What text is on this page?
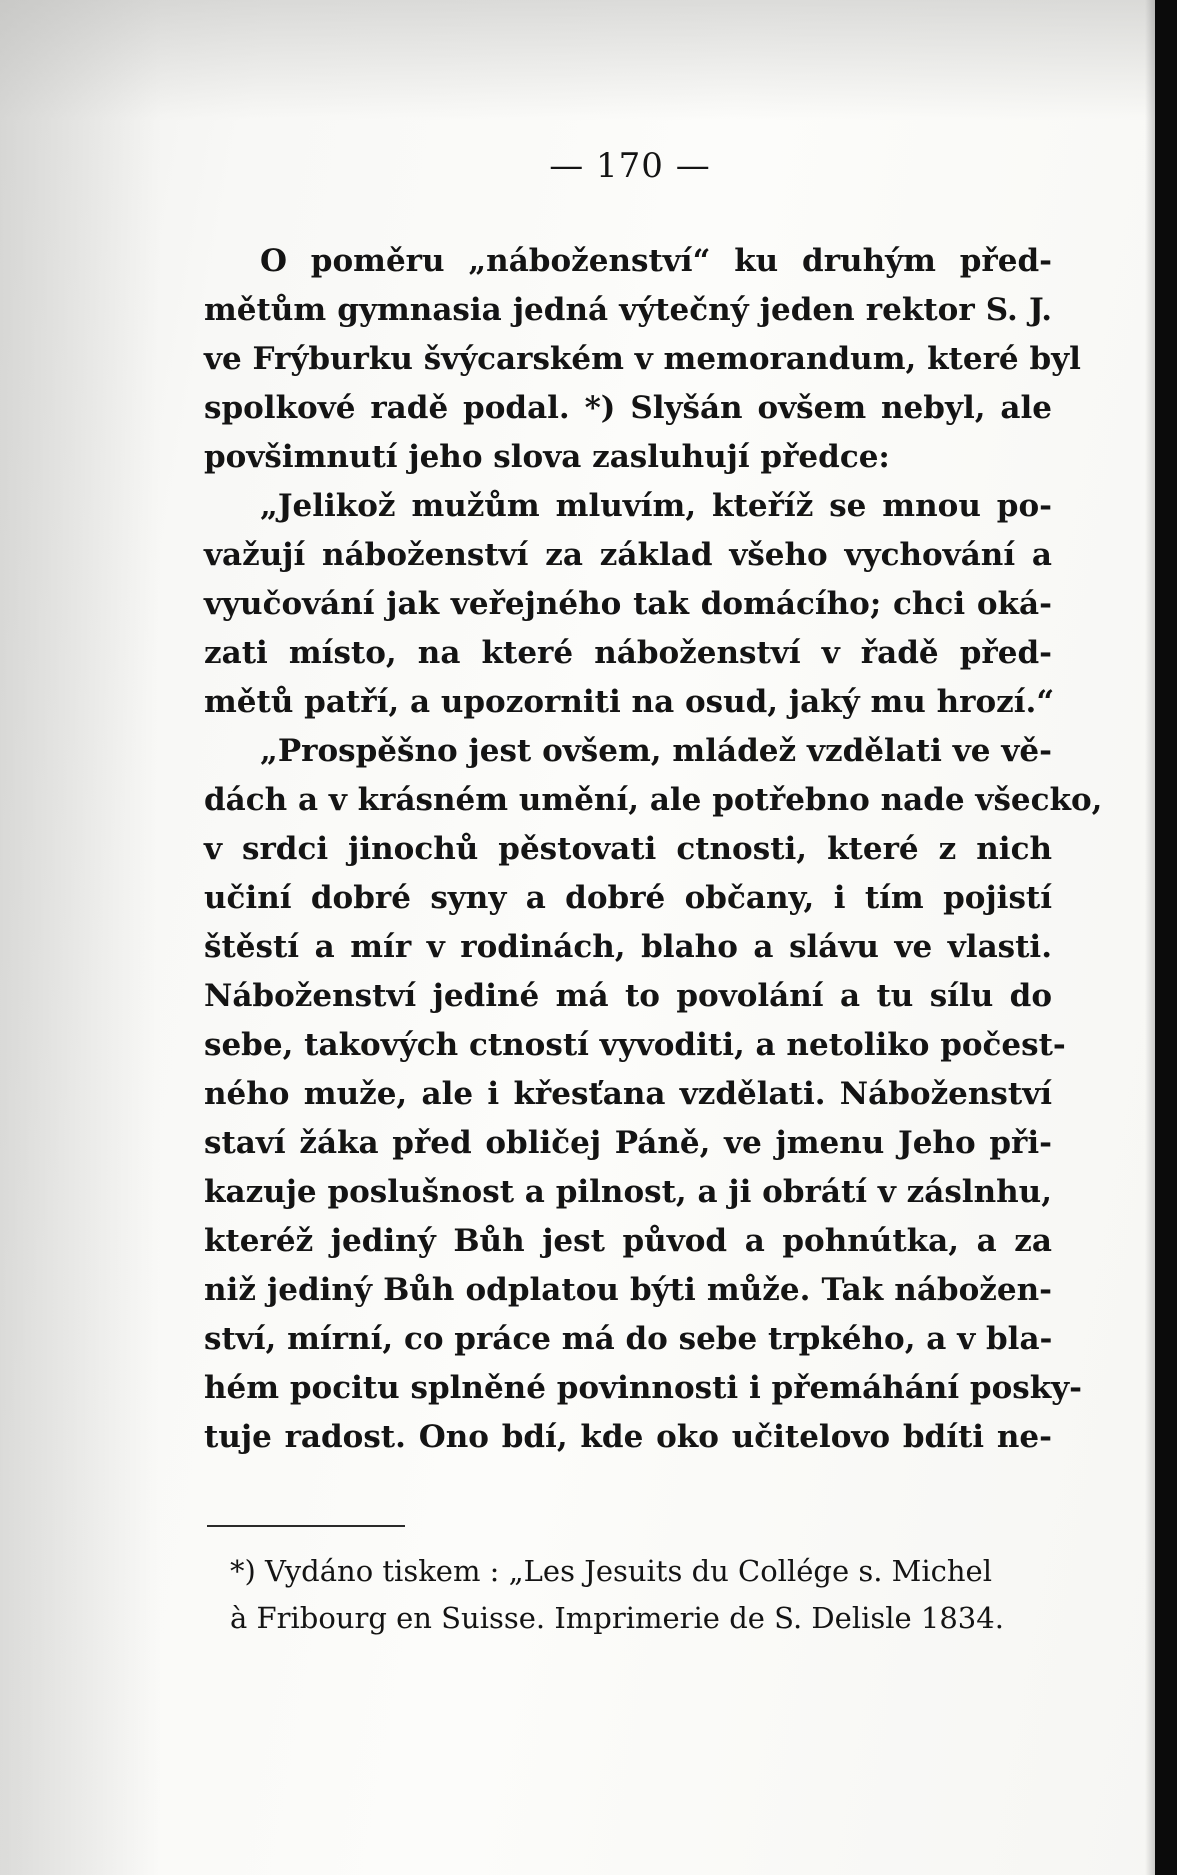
— 170 —
O poměru „náboženství“ ku druhým před-
mětům gymnasia jedná výtečný jeden rektor S. J.
ve Frýburku švýcarském v memorandum, které byl
spolkové radě podal. *) Slyšán ovšem nebyl, ale
povšimnutí jeho slova zasluhují předce:
„Jelikož mužům mluvím, kteříž se mnou po-
važují náboženství za základ všeho vychování a
vyučování jak veřejného tak domácího; chci oká-
zati místo, na které náboženství v řadě před-
mětů patří, a upozorniti na osud, jaký mu hrozí.“
„Prospěšno jest ovšem, mládež vzdělati ve vě-
dách a v krásném umění, ale potřebno nade všecko,
v srdci jinochů pěstovati ctnosti, které z nich
učiní dobré syny a dobré občany, i tím pojistí
štěstí a mír v rodinách, blaho a slávu ve vlasti.
Náboženství jediné má to povolání a tu sílu do
sebe, takových ctností vyvoditi, a netoliko počest-
ného muže, ale i křesťana vzdělati. Náboženství
staví žáka před obličej Páně, ve jmenu Jeho při-
kazuje poslušnost a pilnost, a ji obrátí v záslnhu,
kteréž jediný Bůh jest původ a pohnútka, a za
niž jediný Bůh odplatou býti může. Tak nábožen-
ství, mírní, co práce má do sebe trpkého, a v bla-
hém pocitu splněné povinnosti i přemáhání posky-
tuje radost. Ono bdí, kde oko učitelovo bdíti ne-
*) Vydáno tiskem : „Les Jesuits du Collége s. Michel
à Fribourg en Suisse. Imprimerie de S. Delisle 1834.
